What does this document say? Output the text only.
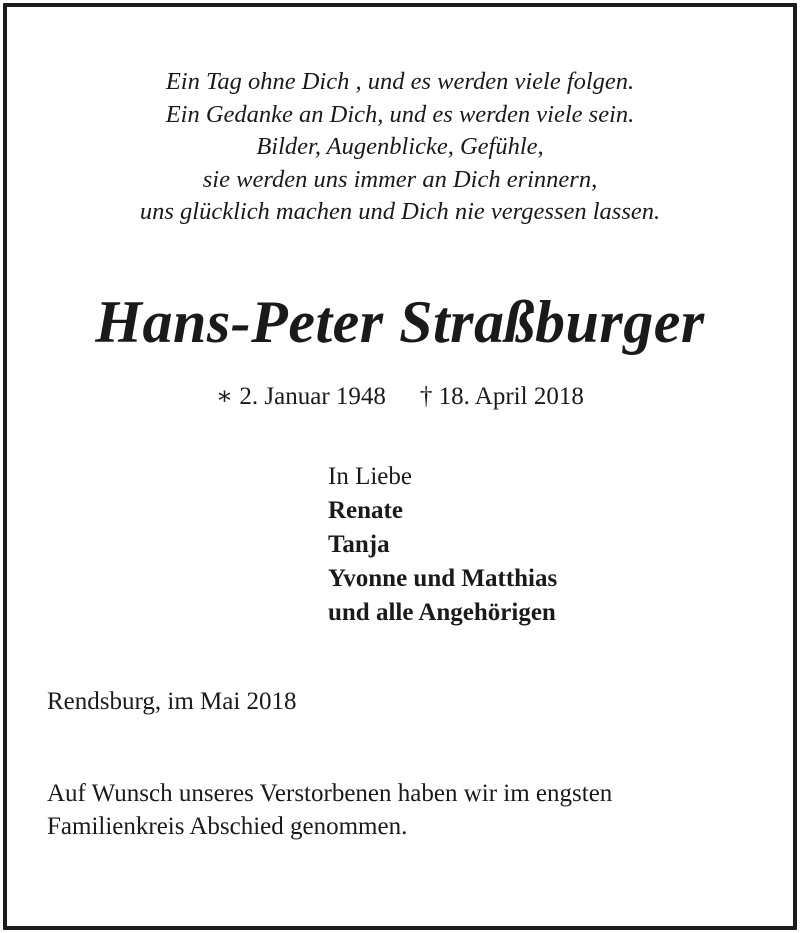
Ein Tag ohne Dich , und es werden viele folgen.
Ein Gedanke an Dich, und es werden viele sein.
Bilder, Augenblicke, Gefühle,
sie werden uns immer an Dich erinnern,
uns glücklich machen und Dich nie vergessen lassen.
Hans-Peter Straßburger
∗ 2. Januar 1948 † 18. April 2018
In Liebe
Renate
Tanja
Yvonne und Matthias
und alle Angehörigen
Rendsburg, im Mai 2018
Auf Wunsch unseres Verstorbenen haben wir im engsten
Familienkreis Abschied genommen.
